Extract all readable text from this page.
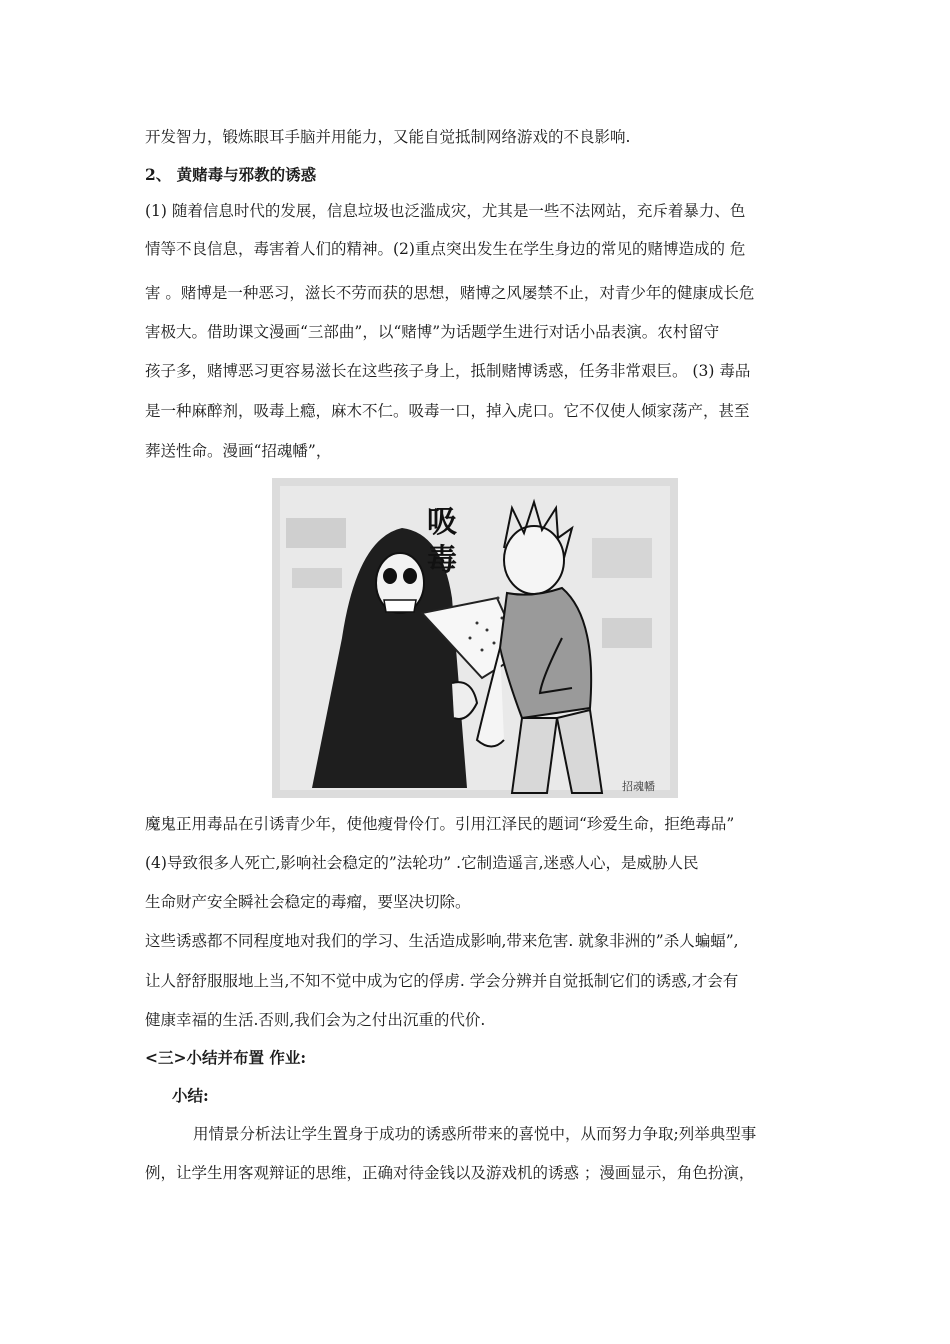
开发智力，锻炼眼耳手脑并用能力，又能自觉抵制网络游戏的不良影响.
2、 黄赌毒与邪教的诱惑
(1) 随着信息时代的发展，信息垃圾也泛滥成灾，尤其是一些不法网站，充斥着暴力、色
情等不良信息，毒害着人们的精神。(2)重点突出发生在学生身边的常见的赌博造成的 危
害 。赌博是一种恶习，滋长不劳而获的思想，赌博之风屡禁不止，对青少年的健康成长危
害极大。借助课文漫画“三部曲”，以“赌博”为话题学生进行对话小品表演。农村留守
孩子多，赌博恶习更容易滋长在这些孩子身上，抵制赌博诱惑，任务非常艰巨。 (3) 毒品
是一种麻醉剂，吸毒上瘾，麻木不仁。吸毒一口，掉入虎口。它不仅使人倾家荡产，甚至
葬送性命。漫画“招魂幡”，
吸
毒
招魂幡
魔鬼正用毒品在引诱青少年，使他瘦骨伶仃。引用江泽民的题词“珍爱生命，拒绝毒品”
(4)导致很多人死亡,影响社会稳定的”法轮功” .它制造遥言,迷惑人心，是威胁人民
生命财产安全瞬社会稳定的毒瘤，要坚决切除。
这些诱惑都不同程度地对我们的学习、生活造成影响,带来危害. 就象非洲的”杀人蝙蝠”,
让人舒舒服服地上当,不知不觉中成为它的俘虏. 学会分辨并自觉抵制它们的诱惑,才会有
健康幸福的生活.否则,我们会为之付出沉重的代价.
<三>小结并布置 作业:
小结:
用情景分析法让学生置身于成功的诱惑所带来的喜悦中，从而努力争取;列举典型事
例，让学生用客观辩证的思维，正确对待金钱以及游戏机的诱惑 ；漫画显示，角色扮演，
